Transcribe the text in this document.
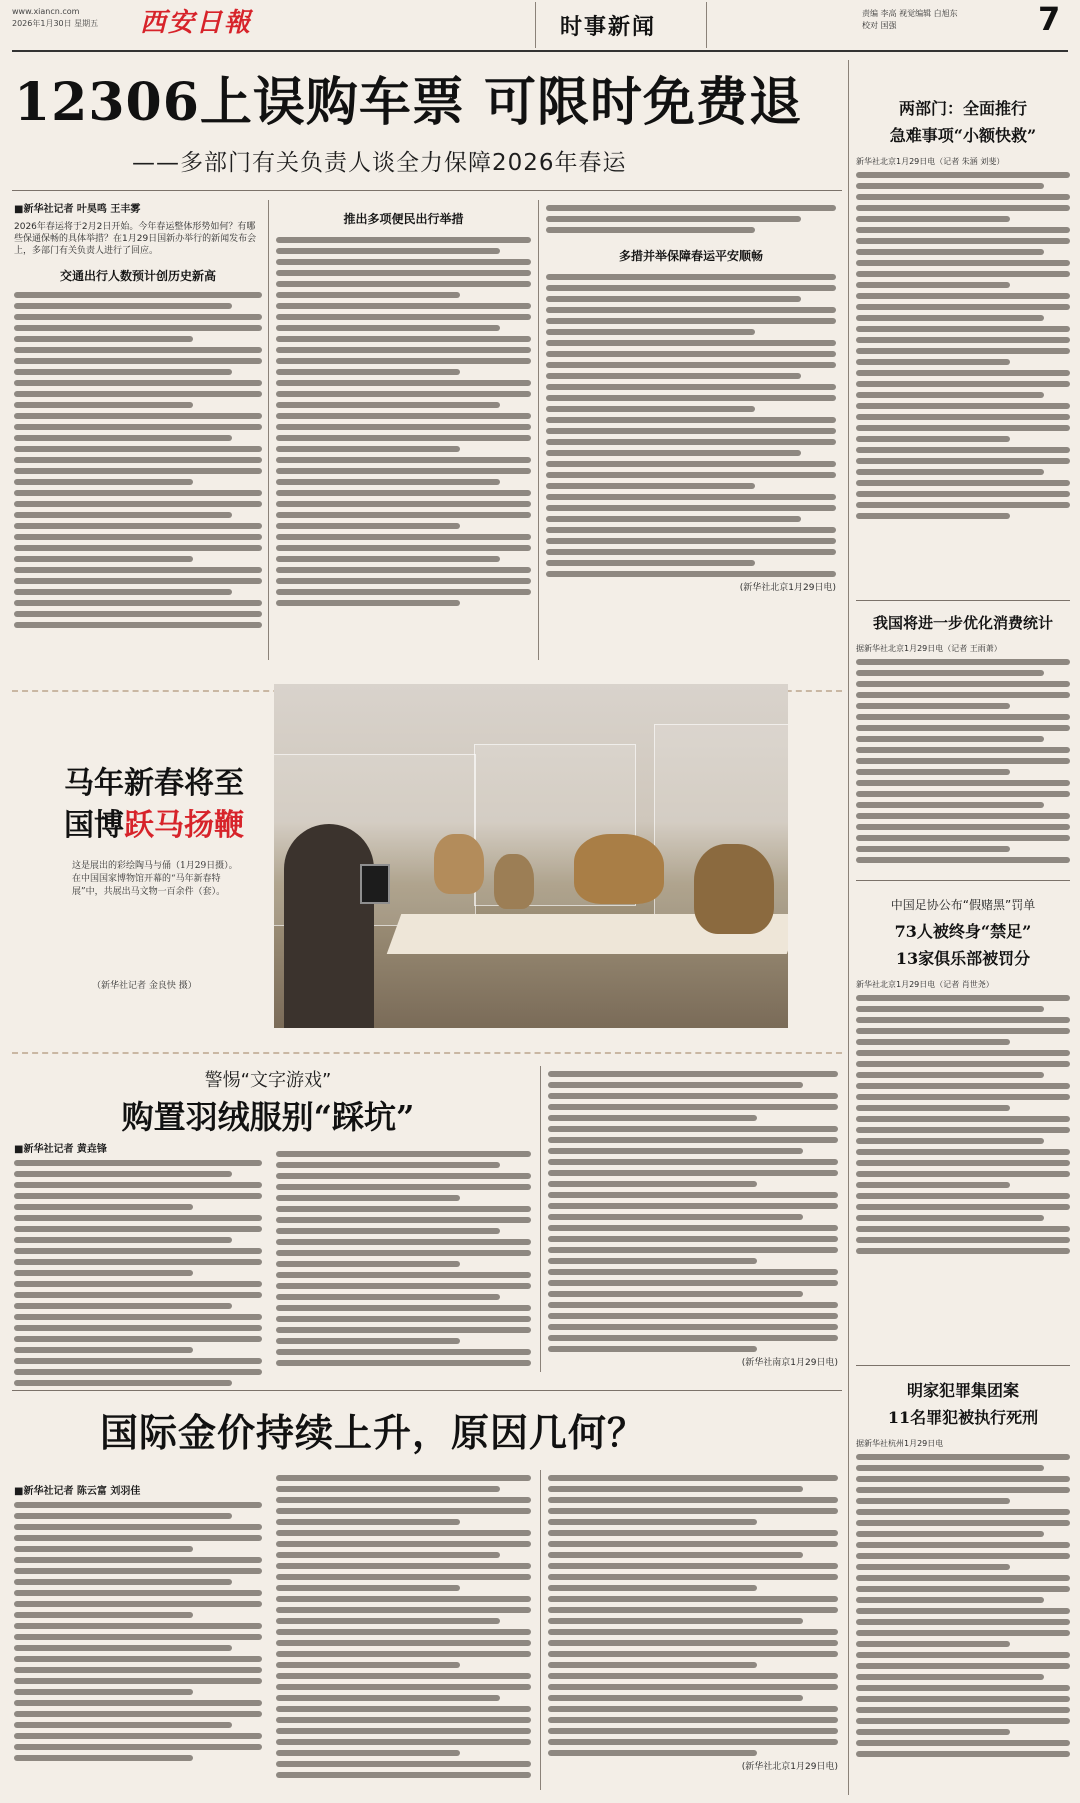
www.xiancn.com
2026年1月30日 星期五 西安日報	时事新闻
责编 李高 视觉编辑 白旭东
校对 国强	7
12306上误购车票 可限时免费退
——多部门有关负责人谈全力保障2026年春运
■新华社记者 叶昊鸣 王丰雾
2026年春运将于2月2日开始。今年春运整体形势如何？有哪些保通保畅的具体举措？在1月29日国新办举行的新闻发布会上，多部门有关负责人进行了回应。
交通出行人数预计创历史新高
推出多项便民出行举措
多措并举保障春运平安顺畅
(新华社北京1月29日电)
马年新春将至
国博跃马扬鞭
这是展出的彩绘陶马与俑（1月29日摄）。在中国国家博物馆开幕的“马年新春特展”中，共展出马文物一百余件（套）。
（新华社记者 金良快 摄）
警惕“文字游戏”
购置羽绒服别“踩坑”
■新华社记者 黄垚锋
(新华社南京1月29日电)
国际金价持续上升，原因几何？
■新华社记者 陈云富 刘羽佳
(新华社北京1月29日电)
两部门：全面推行
急难事项“小额快救”
新华社北京1月29日电（记者 朱涵 刘斐）
我国将进一步优化消费统计
据新华社北京1月29日电（记者 王雨萧）
中国足协公布“假赌黑”罚单
73人被终身“禁足”
13家俱乐部被罚分
新华社北京1月29日电（记者 肖世尧）
明家犯罪集团案
11名罪犯被执行死刑
据新华社杭州1月29日电
